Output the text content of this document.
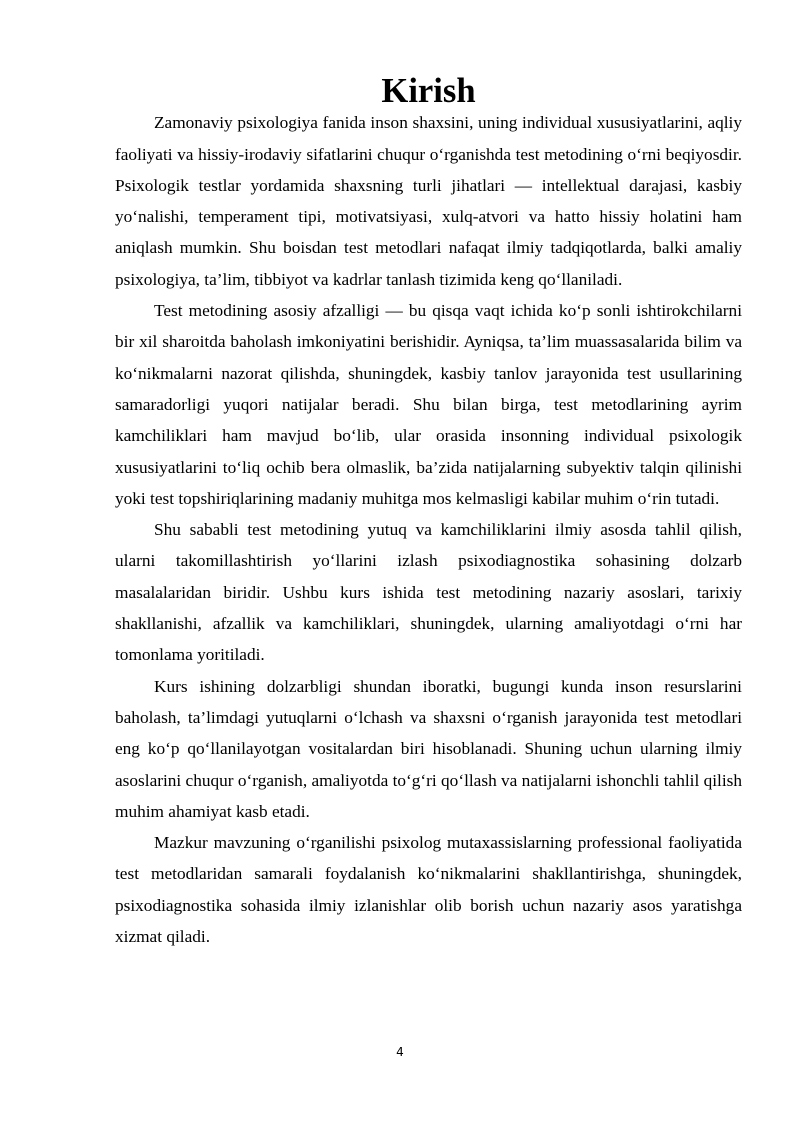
Kirish

Zamonaviy psixologiya fanida inson shaxsini, uning individual xususiyatlarini, aqliy faoliyati va hissiy-irodaviy sifatlarini chuqur o‘rganishda test metodining o‘rni beqiyosdir. Psixologik testlar yordamida shaxsning turli jihatlari — intellektual darajasi, kasbiy yo‘nalishi, temperament tipi, motivatsiyasi, xulq-atvori va hatto hissiy holatini ham aniqlash mumkin. Shu boisdan test metodlari nafaqat ilmiy tadqiqotlarda, balki amaliy psixologiya, ta’lim, tibbiyot va kadrlar tanlash tizimida keng qo‘llaniladi.

Test metodining asosiy afzalligi — bu qisqa vaqt ichida ko‘p sonli ishtirokchilarni bir xil sharoitda baholash imkoniyatini berishidir. Ayniqsa, ta’lim muassasalarida bilim va ko‘nikmalarni nazorat qilishda, shuningdek, kasbiy tanlov jarayonida test usullarining samaradorligi yuqori natijalar beradi. Shu bilan birga, test metodlarining ayrim kamchiliklari ham mavjud bo‘lib, ular orasida insonning individual psixologik xususiyatlarini to‘liq ochib bera olmaslik, ba’zida natijalarning subyektiv talqin qilinishi yoki test topshiriqlarining madaniy muhitga mos kelmasligi kabilar muhim o‘rin tutadi.

Shu sababli test metodining yutuq va kamchiliklarini ilmiy asosda tahlil qilish, ularni takomillashtirish yo‘llarini izlash psixodiagnostika sohasining dolzarb masalalaridan biridir. Ushbu kurs ishida test metodining nazariy asoslari, tarixiy shakllanishi, afzallik va kamchiliklari, shuningdek, ularning amaliyotdagi o‘rni har tomonlama yoritiladi.

Kurs ishining dolzarbligi shundan iboratki, bugungi kunda inson resurslarini baholash, ta’limdagi yutuqlarni o‘lchash va shaxsni o‘rganish jarayonida test metodlari eng ko‘p qo‘llanilayotgan vositalardan biri hisoblanadi. Shuning uchun ularning ilmiy asoslarini chuqur o‘rganish, amaliyotda to‘g‘ri qo‘llash va natijalarni ishonchli tahlil qilish muhim ahamiyat kasb etadi.

Mazkur mavzuning o‘rganilishi psixolog mutaxassislarning professional faoliyatida test metodlaridan samarali foydalanish ko‘nikmalarini shakllantirishga, shuningdek, psixodiagnostika sohasida ilmiy izlanishlar olib borish uchun nazariy asos yaratishga xizmat qiladi.

4
